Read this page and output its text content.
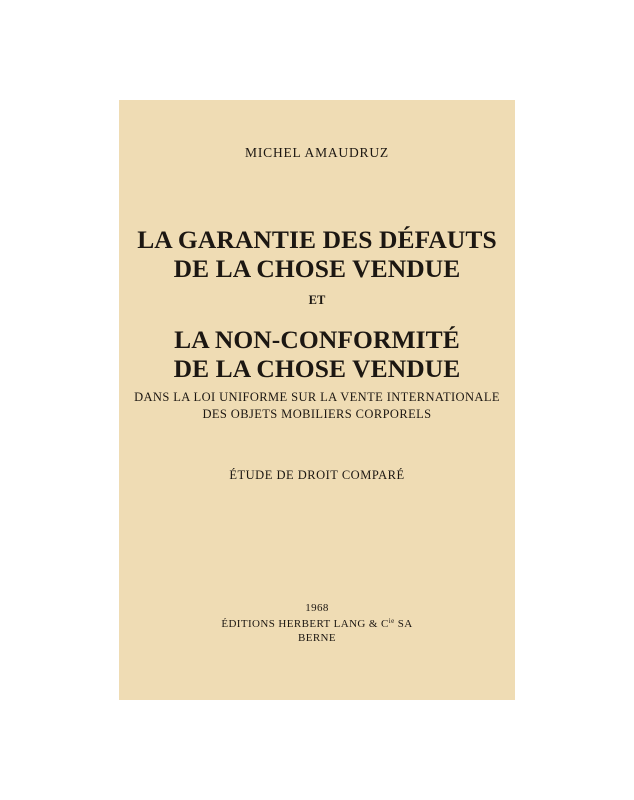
MICHEL AMAUDRUZ
LA GARANTIE DES DÉFAUTS
DE LA CHOSE VENDUE
ET
LA NON-CONFORMITÉ
DE LA CHOSE VENDUE
DANS LA LOI UNIFORME SUR LA VENTE INTERNATIONALE
DES OBJETS MOBILIERS CORPORELS
ÉTUDE DE DROIT COMPARÉ
1968
ÉDITIONS HERBERT LANG & $C^{ie}$ SA
BERNE
